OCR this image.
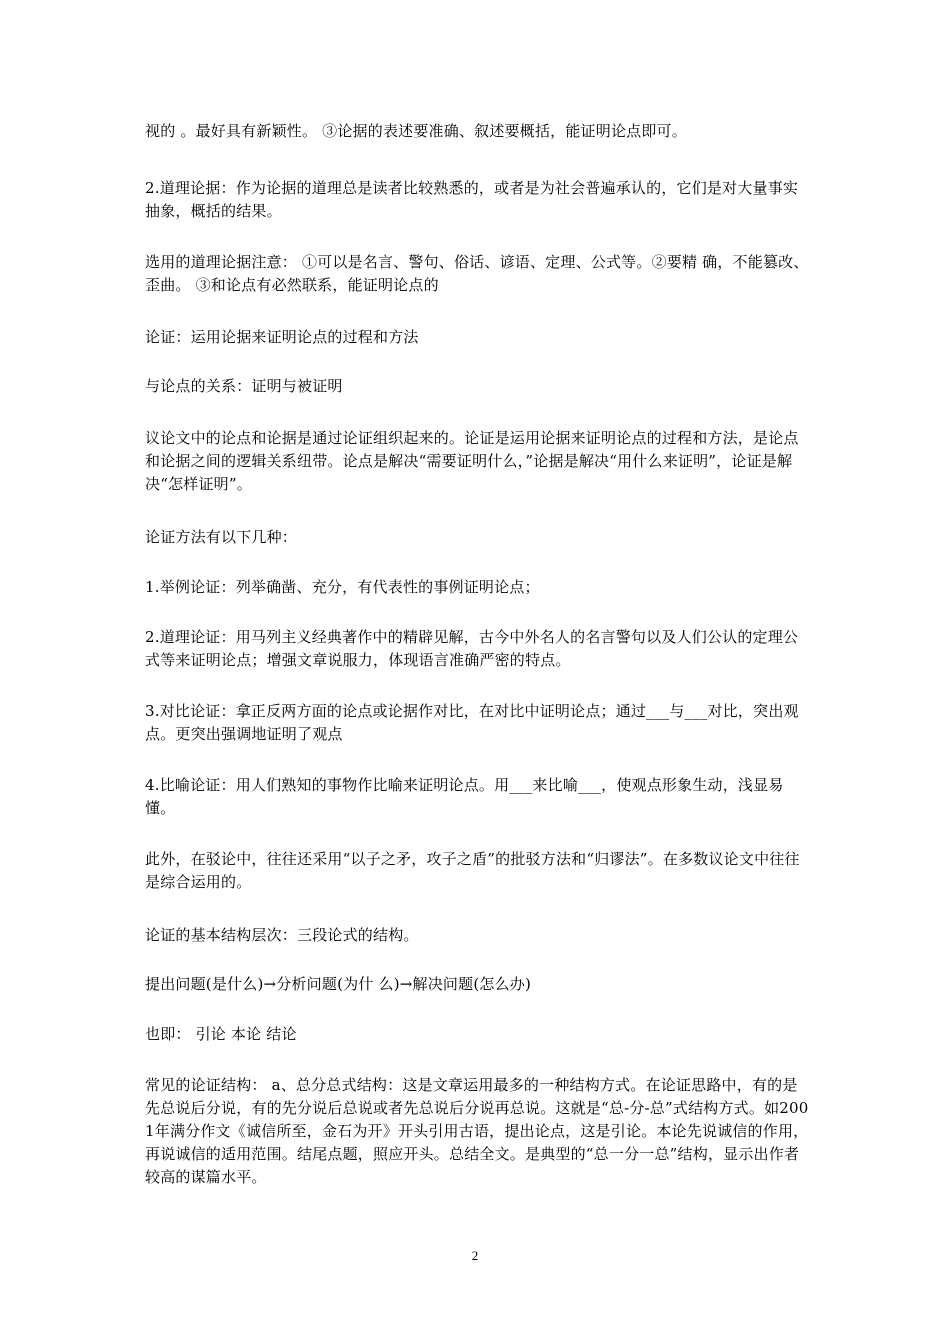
视的 。最好具有新颖性。 ③论据的表述要准确、叙述要概括，能证明论点即可。

2.道理论据：作为论据的道理总是读者比较熟悉的，或者是为社会普遍承认的，它们是对大量事实抽象，概括的结果。

选用的道理论据注意： ①可以是名言、警句、俗话、谚语、定理、公式等。②要精 确，不能篡改、歪曲。 ③和论点有必然联系，能证明论点的

论证：运用论据来证明论点的过程和方法

与论点的关系：证明与被证明

议论文中的论点和论据是通过论证组织起来的。论证是运用论据来证明论点的过程和方法，是论点和论据之间的逻辑关系纽带。论点是解决“需要证明什么，”论据是解决“用什么来证明”，论证是解决“怎样证明”。

论证方法有以下几种：

1.举例论证：列举确凿、充分，有代表性的事例证明论点；

2.道理论证：用马列主义经典著作中的精辟见解，古今中外名人的名言警句以及人们公认的定理公式等来证明论点；增强文章说服力，体现语言准确严密的特点。

3.对比论证：拿正反两方面的论点或论据作对比，在对比中证明论点；通过___与___对比，突出观点。更突出强调地证明了观点

4.比喻论证：用人们熟知的事物作比喻来证明论点。用___来比喻___，使观点形象生动，浅显易懂。

此外，在驳论中，往往还采用“以子之矛，攻子之盾”的批驳方法和“归谬法”。在多数议论文中往往是综合运用的。

论证的基本结构层次：三段论式的结构。

提出问题(是什么)→分析问题(为什 么)→解决问题(怎么办)

也即： 引论 本论 结论

常见的论证结构： a、总分总式结构：这是文章运用最多的一种结构方式。在论证思路中，有的是先总说后分说，有的先分说后总说或者先总说后分说再总说。这就是“总-分-总”式结构方式。如2001年满分作文《诚信所至，金石为开》开头引用古语，提出论点，这是引论。本论先说诚信的作用，再说诚信的适用范围。结尾点题，照应开头。总结全文。是典型的“总一分一总”结构，显示出作者较高的谋篇水平。

2
